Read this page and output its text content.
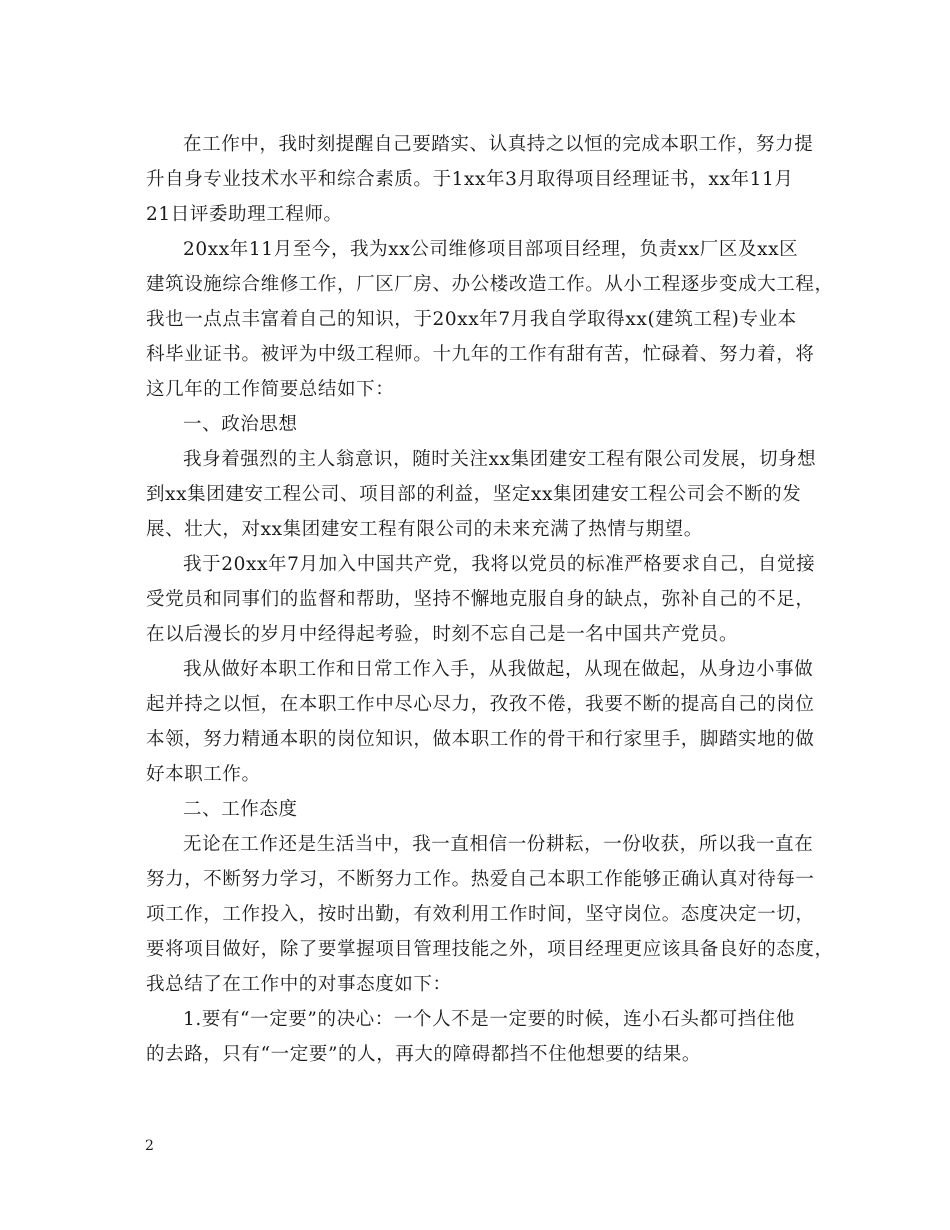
在工作中，我时刻提醒自己要踏实、认真持之以恒的完成本职工作，努力提
升自身专业技术水平和综合素质。于1xx年3月取得项目经理证书，xx年11月
21日评委助理工程师。
20xx年11月至今，我为xx公司维修项目部项目经理，负责xx厂区及xx区
建筑设施综合维修工作，厂区厂房、办公楼改造工作。从小工程逐步变成大工程，
我也一点点丰富着自己的知识，于20xx年7月我自学取得xx(建筑工程)专业本
科毕业证书。被评为中级工程师。十九年的工作有甜有苦，忙碌着、努力着，将
这几年的工作简要总结如下：
一、政治思想
我身着强烈的主人翁意识，随时关注xx集团建安工程有限公司发展，切身想
到xx集团建安工程公司、项目部的利益，坚定xx集团建安工程公司会不断的发
展、壮大，对xx集团建安工程有限公司的未来充满了热情与期望。
我于20xx年7月加入中国共产党，我将以党员的标准严格要求自己，自觉接
受党员和同事们的监督和帮助，坚持不懈地克服自身的缺点，弥补自己的不足，
在以后漫长的岁月中经得起考验，时刻不忘自己是一名中国共产党员。
我从做好本职工作和日常工作入手，从我做起，从现在做起，从身边小事做
起并持之以恒，在本职工作中尽心尽力，孜孜不倦，我要不断的提高自己的岗位
本领，努力精通本职的岗位知识，做本职工作的骨干和行家里手，脚踏实地的做
好本职工作。
二、工作态度
无论在工作还是生活当中，我一直相信一份耕耘，一份收获，所以我一直在
努力，不断努力学习，不断努力工作。热爱自己本职工作能够正确认真对待每一
项工作，工作投入，按时出勤，有效利用工作时间，坚守岗位。态度决定一切，
要将项目做好，除了要掌握项目管理技能之外，项目经理更应该具备良好的态度，
我总结了在工作中的对事态度如下：
1.要有“一定要”的决心：一个人不是一定要的时候，连小石头都可挡住他
的去路，只有“一定要”的人，再大的障碍都挡不住他想要的结果。
2
